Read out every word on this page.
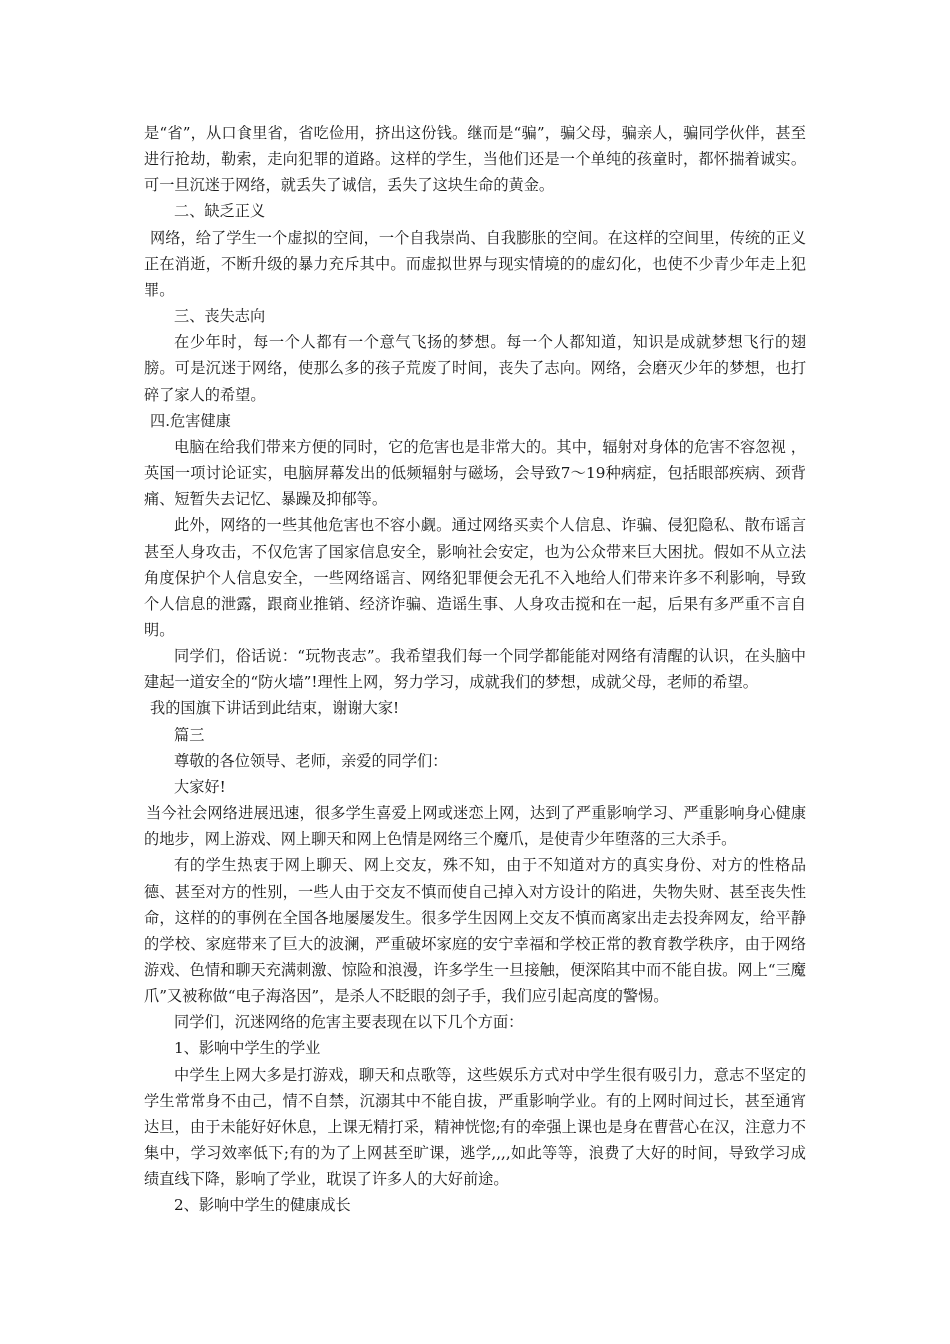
是“省”，从口食里省，省吃俭用，挤出这份钱。继而是“骗”，骗父母，骗亲人，骗同学伙伴，甚至进行抢劫，勒索，走向犯罪的道路。这样的学生，当他们还是一个单纯的孩童时，都怀揣着诚实。可一旦沉迷于网络，就丢失了诚信，丢失了这块生命的黄金。

二、缺乏正义

网络，给了学生一个虚拟的空间，一个自我崇尚、自我膨胀的空间。在这样的空间里，传统的正义正在消逝，不断升级的暴力充斥其中。而虚拟世界与现实情境的的虚幻化，也使不少青少年走上犯罪。

三、丧失志向

在少年时，每一个人都有一个意气飞扬的梦想。每一个人都知道，知识是成就梦想飞行的翅膀。可是沉迷于网络，使那么多的孩子荒废了时间，丧失了志向。网络，会磨灭少年的梦想，也打碎了家人的希望。

四.危害健康

电脑在给我们带来方便的同时，它的危害也是非常大的。其中，辐射对身体的危害不容忽视 ，英国一项讨论证实，电脑屏幕发出的低频辐射与磁场，会导致7～19种病症，包括眼部疾病、颈背痛、短暂失去记忆、暴躁及抑郁等。

此外，网络的一些其他危害也不容小觑。通过网络买卖个人信息、诈骗、侵犯隐私、散布谣言甚至人身攻击，不仅危害了国家信息安全，影响社会安定，也为公众带来巨大困扰。假如不从立法角度保护个人信息安全，一些网络谣言、网络犯罪便会无孔不入地给人们带来许多不利影响，导致个人信息的泄露，跟商业推销、经济诈骗、造谣生事、人身攻击搅和在一起，后果有多严重不言自明。

同学们，俗话说：“玩物丧志”。我希望我们每一个同学都能能对网络有清醒的认识，在头脑中建起一道安全的“防火墙”!理性上网，努力学习，成就我们的梦想，成就父母，老师的希望。

我的国旗下讲话到此结束，谢谢大家!

篇三

尊敬的各位领导、老师，亲爱的同学们：

大家好!

当今社会网络进展迅速，很多学生喜爱上网或迷恋上网，达到了严重影响学习、严重影响身心健康的地步，网上游戏、网上聊天和网上色情是网络三个魔爪，是使青少年堕落的三大杀手。

有的学生热衷于网上聊天、网上交友，殊不知，由于不知道对方的真实身份、对方的性格品德、甚至对方的性别，一些人由于交友不慎而使自己掉入对方设计的陷进，失物失财、甚至丧失性命，这样的的事例在全国各地屡屡发生。很多学生因网上交友不慎而离家出走去投奔网友，给平静的学校、家庭带来了巨大的波澜，严重破坏家庭的安宁幸福和学校正常的教育教学秩序，由于网络游戏、色情和聊天充满刺激、惊险和浪漫，许多学生一旦接触，便深陷其中而不能自拔。网上“三魔爪”又被称做“电子海洛因”，是杀人不眨眼的刽子手，我们应引起高度的警惕。

同学们，沉迷网络的危害主要表现在以下几个方面：

1、影响中学生的学业

中学生上网大多是打游戏，聊天和点歌等，这些娱乐方式对中学生很有吸引力，意志不坚定的学生常常身不由己，情不自禁，沉溺其中不能自拔，严重影响学业。有的上网时间过长，甚至通宵达旦，由于未能好好休息，上课无精打采，精神恍惚;有的牵强上课也是身在曹营心在汉，注意力不集中，学习效率低下;有的为了上网甚至旷课，逃学,,,,如此等等，浪费了大好的时间，导致学习成绩直线下降，影响了学业，耽误了许多人的大好前途。

2、影响中学生的健康成长
